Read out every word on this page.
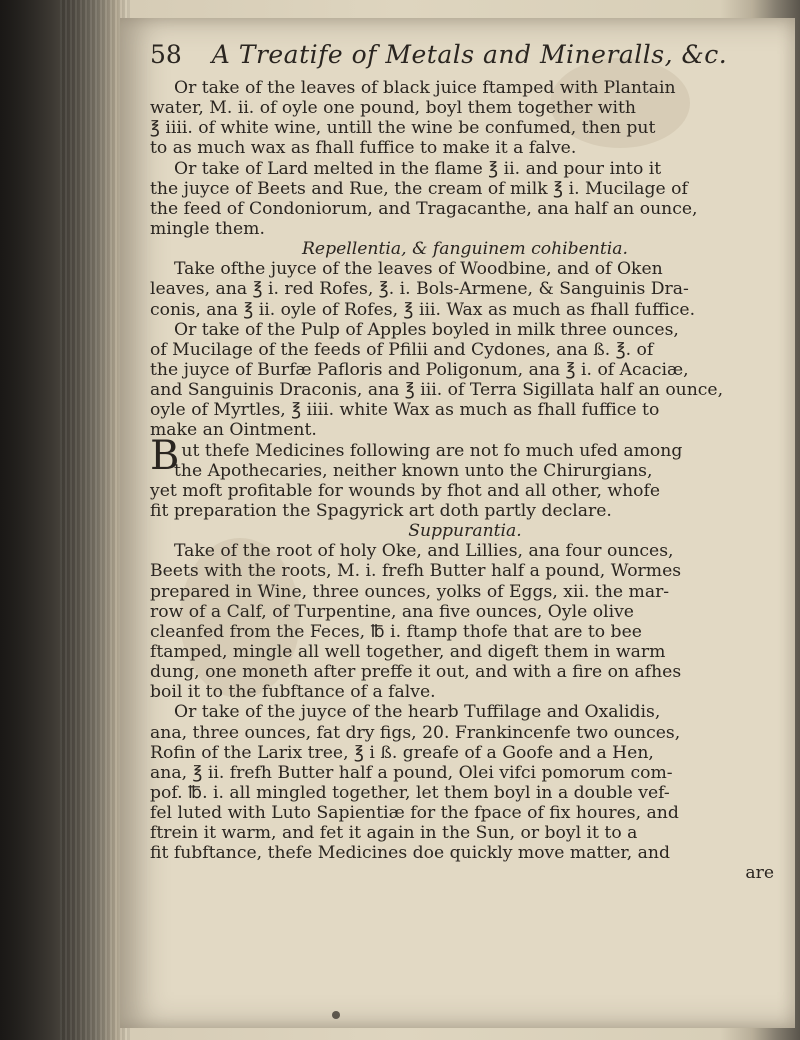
58 A Treatife of Metals and Mineralls, &c.
Or take of the leaves of black juice ftamped with Plantain
water, M. ii. of oyle one pound, boyl them together with
℥ iiii. of white wine, untill the wine be confumed, then put
to as much wax as fhall fuffice to make it a falve.
Or take of Lard melted in the flame ℥ ii. and pour into it
the juyce of Beets and Rue, the cream of milk ℥ i. Mucilage of
the feed of Condoniorum, and Tragacanthe, ana half an ounce,
mingle them.
Repellentia, & fanguinem cohibentia.
Take ofthe juyce of the leaves of Woodbine, and of Oken
leaves, ana ℥ i. red Rofes, ℥. i. Bols-Armene, & Sanguinis Dra-
conis, ana ℥ ii. oyle of Rofes, ℥ iii. Wax as much as fhall fuffice.
Or take of the Pulp of Apples boyled in milk three ounces,
of Mucilage of the feeds of Pfilii and Cydones, ana ß. ℥. of
the juyce of Burfæ Pafloris and Poligonum, ana ℥ i. of Acaciæ,
and Sanguinis Draconis, ana ℥ iii. of Terra Sigillata half an ounce,
oyle of Myrtles, ℥ iiii. white Wax as much as fhall fuffice to
make an Ointment.
But thefe Medicines following are not fo much ufed among
the Apothecaries, neither known unto the Chirurgians,
yet moft profitable for wounds by fhot and all other, whofe
fit preparation the Spagyrick art doth partly declare.
Suppurantia.
Take of the root of holy Oke, and Lillies, ana four ounces,
Beets with the roots, M. i. frefh Butter half a pound, Wormes
prepared in Wine, three ounces, yolks of Eggs, xii. the mar-
row of a Calf, of Turpentine, ana five ounces, Oyle olive
cleanfed from the Feces, ℔ i. ftamp thofe that are to bee
ftamped, mingle all well together, and digeft them in warm
dung, one moneth after preffe it out, and with a fire on afhes
boil it to the fubftance of a falve.
Or take of the juyce of the hearb Tuffilage and Oxalidis,
ana, three ounces, fat dry figs, 20. Frankincenfe two ounces,
Rofin of the Larix tree, ℥ i ß. greafe of a Goofe and a Hen,
ana, ℥ ii. frefh Butter half a pound, Olei vifci pomorum com-
pof. ℔. i. all mingled together, let them boyl in a double vef-
fel luted with Luto Sapientiæ for the fpace of fix houres, and
ftrein it warm, and fet it again in the Sun, or boyl it to a
fit fubftance, thefe Medicines doe quickly move matter, and
are
